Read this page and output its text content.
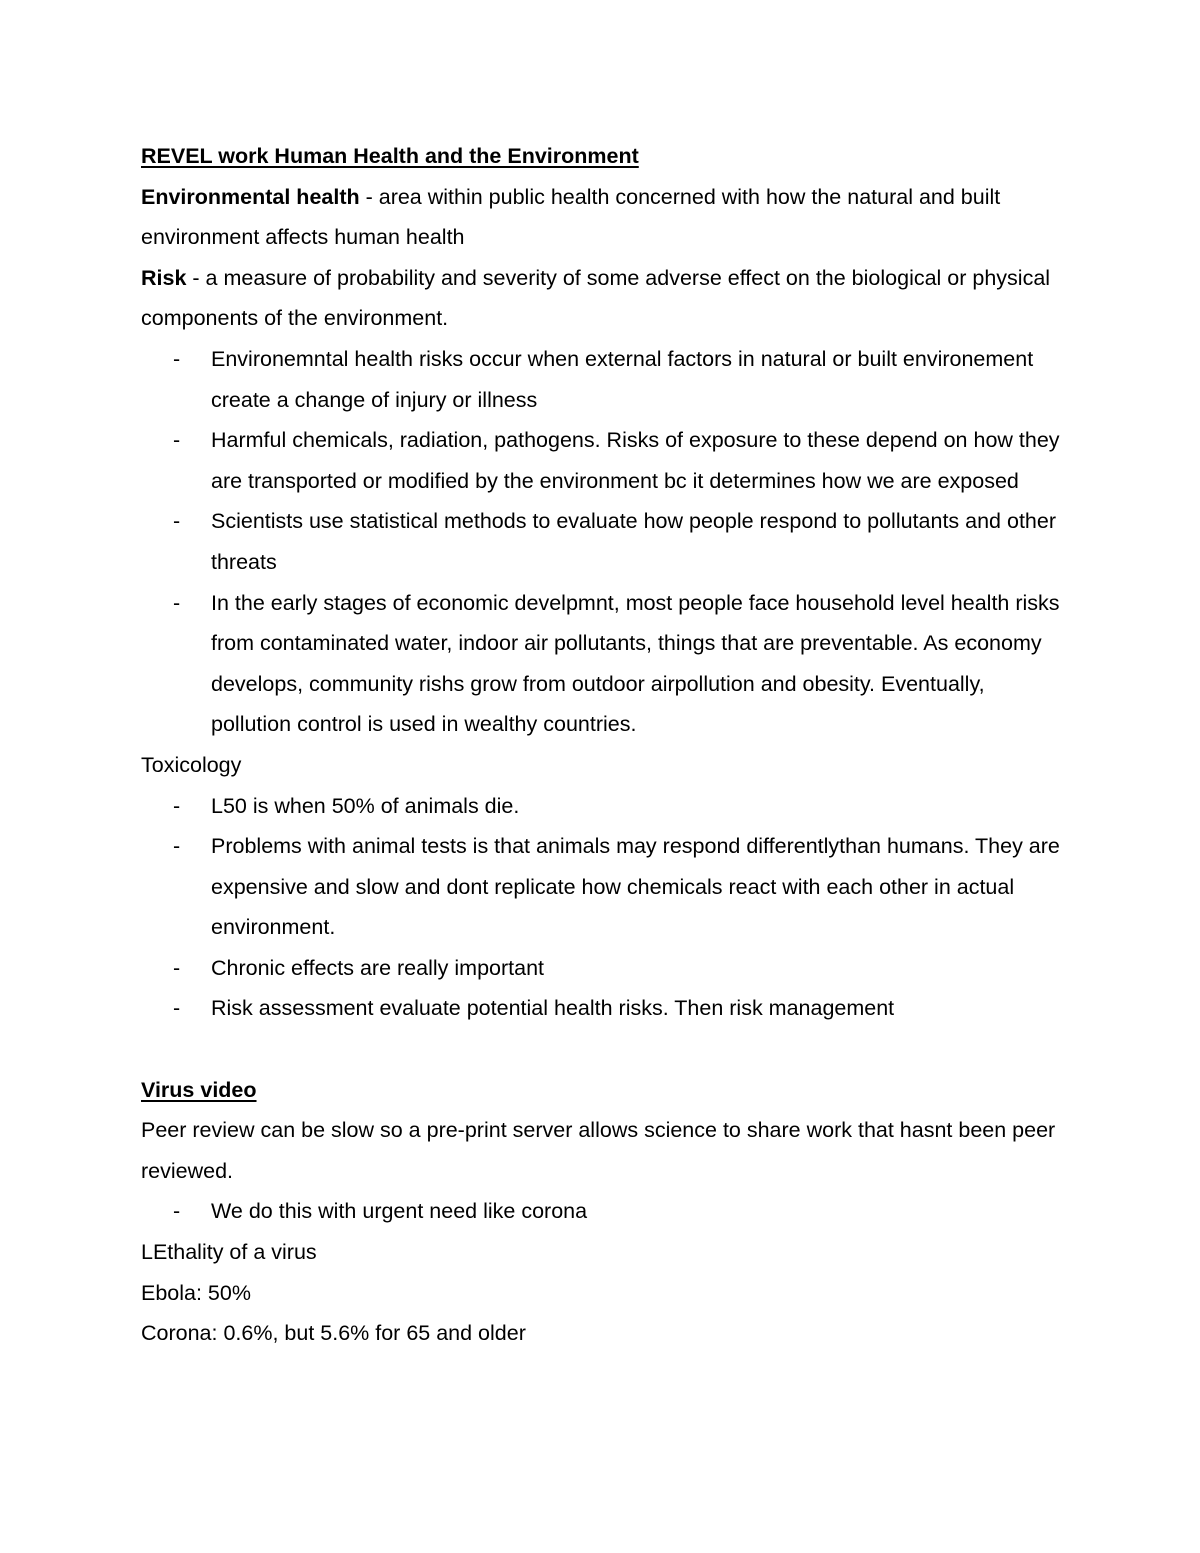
REVEL work Human Health and the Environment

Environmental health - area within public health concerned with how the natural and built environment affects human health

Risk - a measure of probability and severity of some adverse effect on the biological or physical components of the environment.

- Environemntal health risks occur when external factors in natural or built environement create a change of injury or illness
- Harmful chemicals, radiation, pathogens. Risks of exposure to these depend on how they are transported or modified by the environment bc it determines how we are exposed
- Scientists use statistical methods to evaluate how people respond to pollutants and other threats
- In the early stages of economic develpmnt, most people face household level health risks from contaminated water, indoor air pollutants, things that are preventable. As economy develops, community rishs grow from outdoor airpollution and obesity. Eventually, pollution control is used in wealthy countries.

Toxicology

- L50 is when 50% of animals die.
- Problems with animal tests is that animals may respond differentlythan humans. They are expensive and slow and dont replicate how chemicals react with each other in actual environment.
- Chronic effects are really important
- Risk assessment evaluate potential health risks. Then risk management

Virus video

Peer review can be slow so a pre-print server allows science to share work that hasnt been peer reviewed.

- We do this with urgent need like corona

LEthality of a virus

Ebola: 50%

Corona: 0.6%, but 5.6% for 65 and older
